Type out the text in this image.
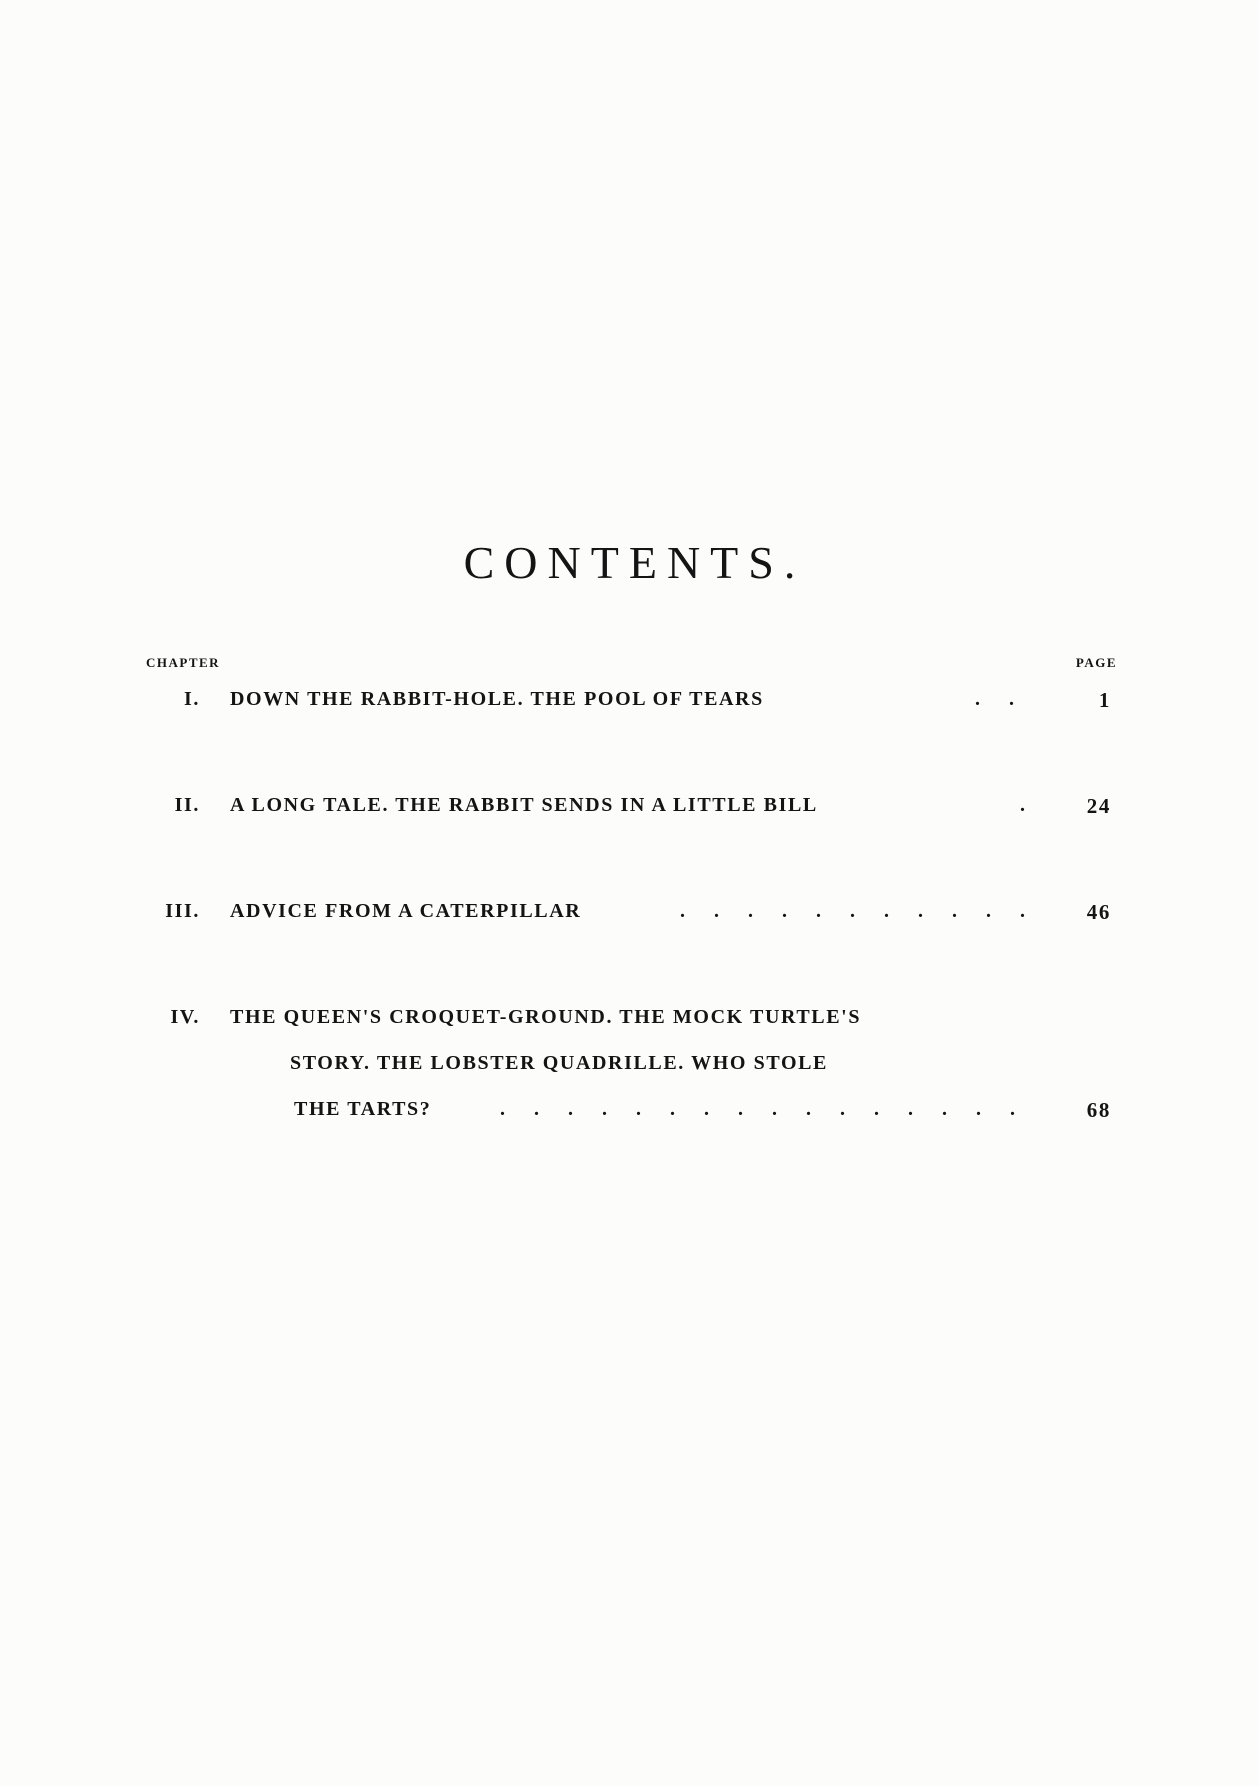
CONTENTS.
CHAPTER	PAGE
I. DOWN THE RABBIT-HOLE. THE POOL OF TEARS	. .	1
II. A LONG TALE. THE RABBIT SENDS IN A LITTLE BILL	. 24
III. ADVICE FROM A CATERPILLAR	. . . . . . . . . . . 46
IV. THE QUEEN'S CROQUET-GROUND. THE MOCK TURTLE'S
STORY. THE LOBSTER QUADRILLE. WHO STOLE
THE TARTS?	. . . . . . . . . . . . . . . .	68
